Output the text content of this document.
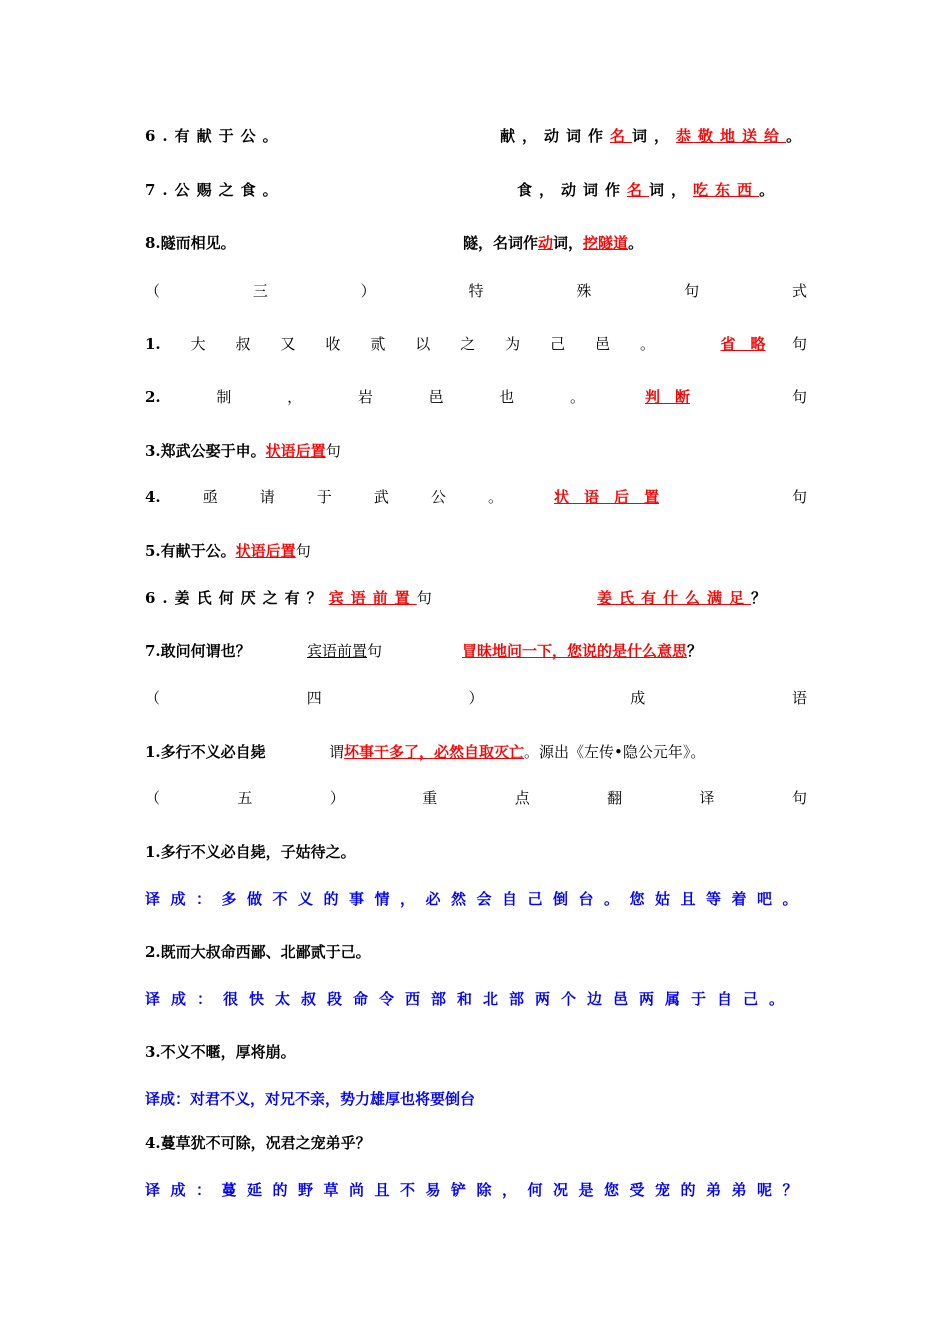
6.有献于公。	献，动词作名词，恭敬地送给。
7.公赐之食。	食，动词作名词，吃东西。
8.隧而相见。	隧，名词作动词，挖隧道。
（	三	）	特	殊	句	式
1. 大 叔 又 收 贰 以 之 为 己 邑 。	省　略	句
2.	制	，	岩	邑	也	。	判　断	句
3.郑武公娶于申。状语后置句
4.	亟	请	于	武	公	。	状　语　后　置	句
5.有献于公。状语后置句
6.姜氏何厌之有？宾语前置句	姜氏有什么满足？
7.敢问何谓也？	宾语前置句	冒昧地问一下，您说的是什么意思？
（	四	）	成	语
1.多行不义必自毙	谓坏事干多了，必然自取灭亡。源出《左传•隐公元年》。
（	五	）	重	点	翻	译	句
1.多行不义必自毙，子姑待之。
译成：多做不义的事情，必然会自己倒台。您姑且等着吧。
2.既而大叔命西鄙、北鄙贰于己。
译成：很快太叔段命令西部和北部两个边邑两属于自己。
3.不义不暱，厚将崩。
译成：对君不义，对兄不亲，势力雄厚也将要倒台
4.蔓草犹不可除，况君之宠弟乎？
译成：蔓延的野草尚且不易铲除，何况是您受宠的弟弟呢？
